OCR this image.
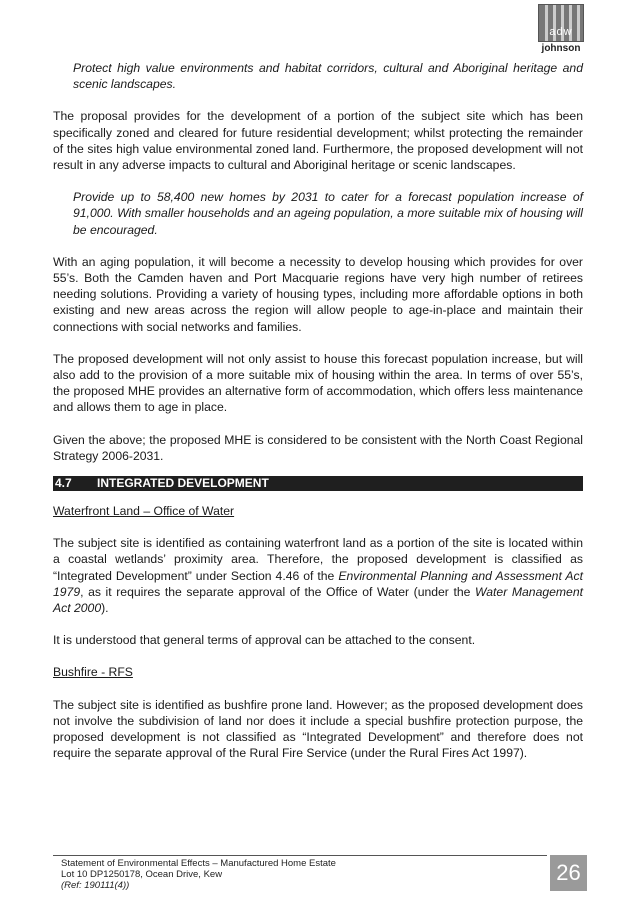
adw
johnson

Protect high value environments and habitat corridors, cultural and Aboriginal heritage and scenic landscapes.

The proposal provides for the development of a portion of the subject site which has been specifically zoned and cleared for future residential development; whilst protecting the remainder of the sites high value environmental zoned land. Furthermore, the proposed development will not result in any adverse impacts to cultural and Aboriginal heritage or scenic landscapes.

Provide up to 58,400 new homes by 2031 to cater for a forecast population increase of 91,000. With smaller households and an ageing population, a more suitable mix of housing will be encouraged.

With an aging population, it will become a necessity to develop housing which provides for over 55’s. Both the Camden haven and Port Macquarie regions have very high number of retirees needing solutions. Providing a variety of housing types, including more affordable options in both existing and new areas across the region will allow people to age-in-place and maintain their connections with social networks and families.

The proposed development will not only assist to house this forecast population increase, but will also add to the provision of a more suitable mix of housing within the area. In terms of over 55’s, the proposed MHE provides an alternative form of accommodation, which offers less maintenance and allows them to age in place.

Given the above; the proposed MHE is considered to be consistent with the North Coast Regional Strategy 2006-2031.

4.7 INTEGRATED DEVELOPMENT

Waterfront Land – Office of Water

The subject site is identified as containing waterfront land as a portion of the site is located within a coastal wetlands’ proximity area. Therefore, the proposed development is classified as “Integrated Development” under Section 4.46 of the Environmental Planning and Assessment Act 1979, as it requires the separate approval of the Office of Water (under the Water Management Act 2000).

It is understood that general terms of approval can be attached to the consent.

Bushfire - RFS

The subject site is identified as bushfire prone land. However; as the proposed development does not involve the subdivision of land nor does it include a special bushfire protection purpose, the proposed development is not classified as “Integrated Development” and therefore does not require the separate approval of the Rural Fire Service (under the Rural Fires Act 1997).

Statement of Environmental Effects – Manufactured Home Estate
Lot 10 DP1250178, Ocean Drive, Kew
(Ref: 190111(4))
26
